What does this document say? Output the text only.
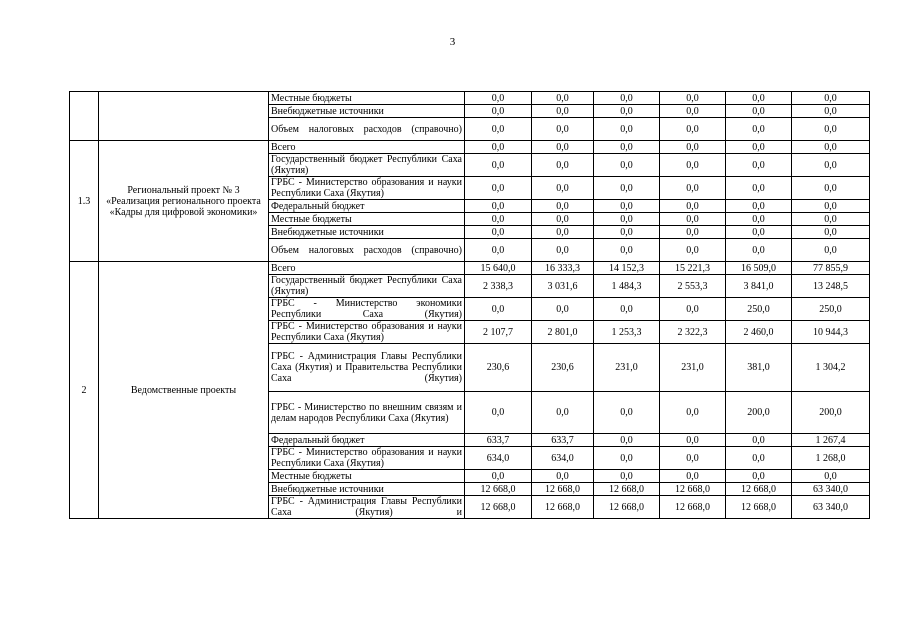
3
		Местные бюджеты	0,0	0,0	0,0	0,0	0,0	0,0
		Внебюджетные источники	0,0	0,0	0,0	0,0	0,0	0,0
		Объем налоговых расходов (справочно)	0,0	0,0	0,0	0,0	0,0	0,0
1.3	Региональный проект № 3 «Реализация регионального проекта «Кадры для цифровой экономики»	Всего	0,0	0,0	0,0	0,0	0,0	0,0
		Государственный бюджет Республики Саха (Якутия)	0,0	0,0	0,0	0,0	0,0	0,0
		ГРБС - Министерство образования и науки Республики Саха (Якутия)	0,0	0,0	0,0	0,0	0,0	0,0
		Федеральный бюджет	0,0	0,0	0,0	0,0	0,0	0,0
		Местные бюджеты	0,0	0,0	0,0	0,0	0,0	0,0
		Внебюджетные источники	0,0	0,0	0,0	0,0	0,0	0,0
		Объем налоговых расходов (справочно)	0,0	0,0	0,0	0,0	0,0	0,0
2	Ведомственные проекты	Всего	15 640,0	16 333,3	14 152,3	15 221,3	16 509,0	77 855,9
		Государственный бюджет Республики Саха (Якутия)	2 338,3	3 031,6	1 484,3	2 553,3	3 841,0	13 248,5
		ГРБС - Министерство экономики Республики Саха (Якутия)	0,0	0,0	0,0	0,0	250,0	250,0
		ГРБС - Министерство образования и науки Республики Саха (Якутия)	2 107,7	2 801,0	1 253,3	2 322,3	2 460,0	10 944,3
		ГРБС - Администрация Главы Республики Саха (Якутия) и Правительства Республики Саха (Якутия)	230,6	230,6	231,0	231,0	381,0	1 304,2
		ГРБС - Министерство по внешним связям и делам народов Республики Саха (Якутия)	0,0	0,0	0,0	0,0	200,0	200,0
		Федеральный бюджет	633,7	633,7	0,0	0,0	0,0	1 267,4
		ГРБС - Министерство образования и науки Республики Саха (Якутия)	634,0	634,0	0,0	0,0	0,0	1 268,0
		Местные бюджеты	0,0	0,0	0,0	0,0	0,0	0,0
		Внебюджетные источники	12 668,0	12 668,0	12 668,0	12 668,0	12 668,0	63 340,0
		ГРБС - Администрация Главы Республики Саха (Якутия) и	12 668,0	12 668,0	12 668,0	12 668,0	12 668,0	63 340,0
